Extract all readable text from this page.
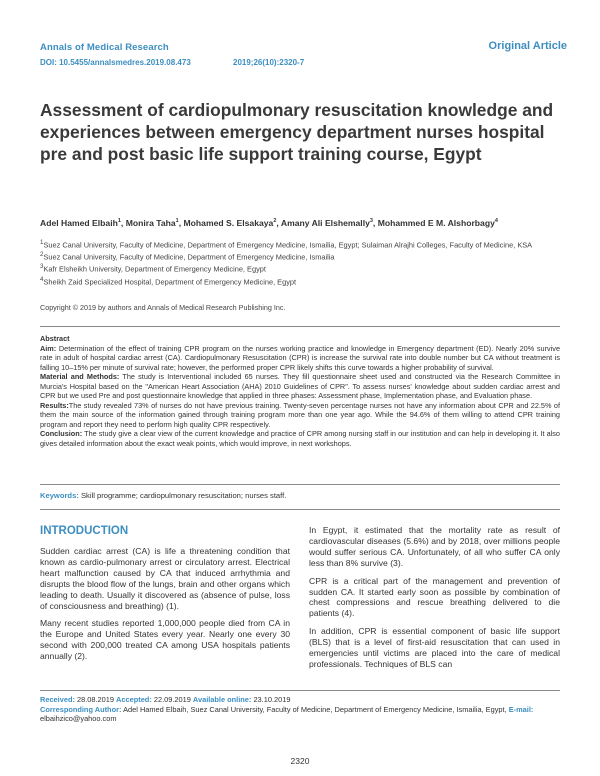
Annals of Medical Research	Original Article
DOI: 10.5455/annalsmedres.2019.08.473	2019;26(10):2320-7
Assessment of cardiopulmonary resuscitation knowledge and experiences between emergency department nurses hospital pre and post basic life support training course, Egypt
Adel Hamed Elbaih$^1$, Monira Taha$^1$, Mohamed S. Elsakaya$^2$, Amany Ali Elshemally$^3$, Mohammed E M. Alshorbagy$^4$
$^1$Suez Canal University, Faculty of Medicine, Department of Emergency Medicine, Ismailia, Egypt; Sulaiman Alrajhi Colleges, Faculty of Medicine, KSA
$^2$Suez Canal University, Faculty of Medicine, Department of Emergency Medicine, Ismailia
$^3$Kafr Elsheikh University, Department of Emergency Medicine, Egypt
$^4$Sheikh Zaid Specialized Hospital, Department of Emergency Medicine, Egypt
Copyright © 2019 by authors and Annals of Medical Research Publishing Inc.
Abstract
Aim: Determination of the effect of training CPR program on the nurses working practice and knowledge in Emergency department (ED). Nearly 20% survive rate in adult of hospital cardiac arrest (CA). Cardiopulmonary Resuscitation (CPR) is increase the survival rate into double number but CA without treatment is falling 10–15% per minute of survival rate; however, the performed proper CPR likely shifts this curve towards a higher probability of survival.
Material and Methods: The study is Interventional included 65 nurses. They fill questionnaire sheet used and constructed via the Research Committee in Murcia's Hospital based on the "American Heart Association (AHA) 2010 Guidelines of CPR". To assess nurses' knowledge about sudden cardiac arrest and CPR but we used Pre and post questionnaire knowledge that applied in three phases: Assessment phase, Implementation phase, and Evaluation phase.
Results:The study revealed 73% of nurses do not have previous training. Twenty-seven percentage nurses not have any information about CPR and 22.5% of them the main source of the information gained through training program more than one year ago. While the 94.6% of them willing to attend CPR training program and report they need to perform high quality CPR respectively.
Conclusion: The study give a clear view of the current knowledge and practice of CPR among nursing staff in our institution and can help in developing it. It also gives detailed information about the exact weak points, which would improve, in next workshops.
Keywords: Skill programme; cardiopulmonary resuscitation; nurses staff.
INTRODUCTION

Sudden cardiac arrest (CA) is life a threatening condition that known as cardio-pulmonary arrest or circulatory arrest. Electrical heart malfunction caused by CA that induced arrhythmia and disrupts the blood flow of the lungs, brain and other organs which leading to death. Usually it discovered as (absence of pulse, loss of consciousness and breathing) (1).

Many recent studies reported 1,000,000 people died from CA in the Europe and United States every year. Nearly one every 30 second with 200,000 treated CA among USA hospitals patients annually (2).

In Egypt, it estimated that the mortality rate as result of cardiovascular diseases (5.6%) and by 2018, over millions people would suffer serious CA. Unfortunately, of all who suffer CA only less than 8% survive (3).

CPR is a critical part of the management and prevention of sudden CA. It started early soon as possible by combination of chest compressions and rescue breathing delivered to die patients (4).

In addition, CPR is essential component of basic life support (BLS) that is a level of first-aid resuscitation that can used in emergencies until victims are placed into the care of medical professionals. Techniques of BLS can

Received: 28.08.2019 Accepted: 22.09.2019 Available online: 23.10.2019
Corresponding Author: Adel Hamed Elbaih, Suez Canal University, Faculty of Medicine, Department of Emergency Medicine, Ismailia, Egypt, E-mail: elbaihzico@yahoo.com
2320
